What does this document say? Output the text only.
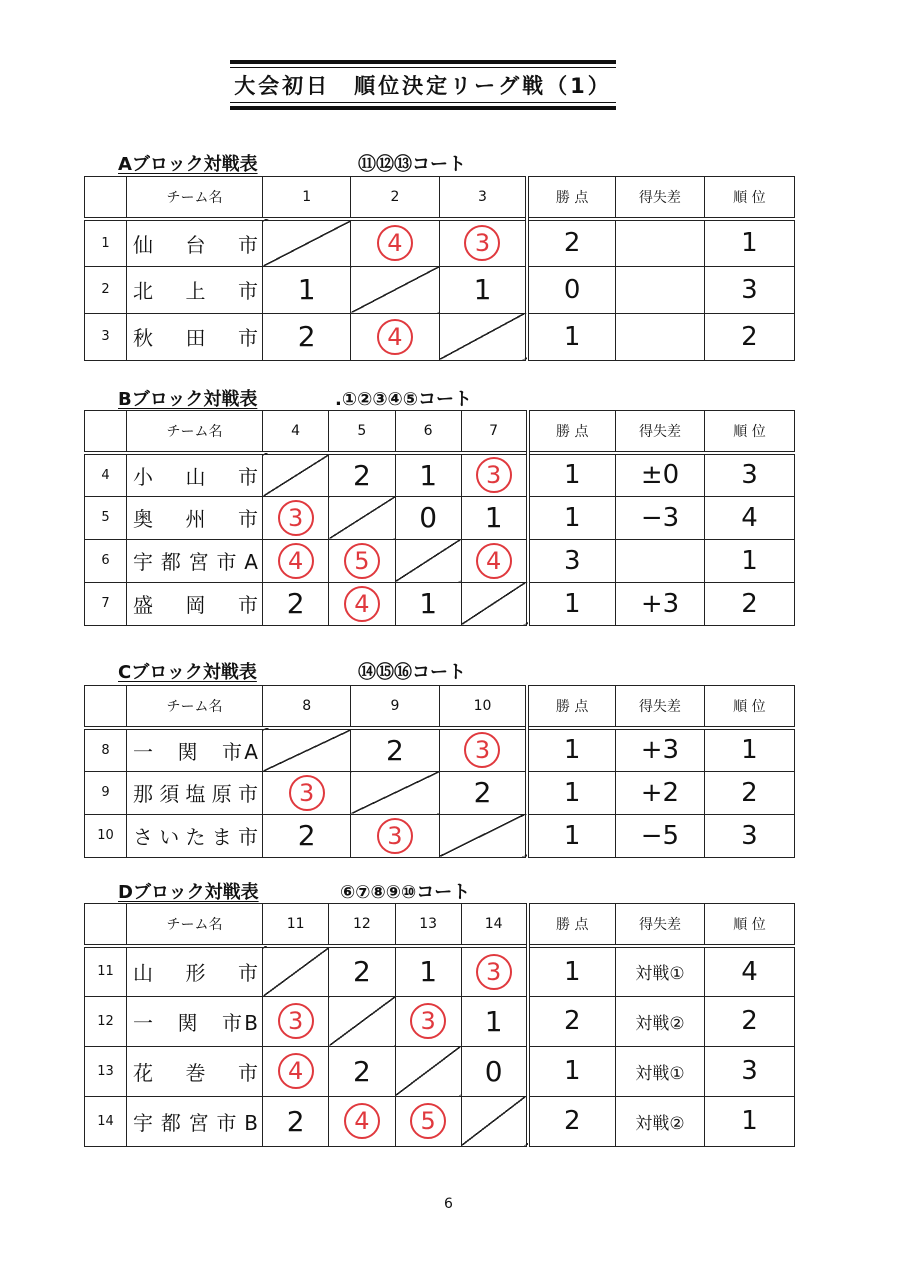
大会初日　順位決定リーグ戦（1）
Aブロック対戦表	⑪⑫⑬コート
	チーム名	1	2	3	勝 点	得失差	順 位
1	仙　台　市		4	3	2		1
2	北　上　市	1		1	0		3
3	秋　田　市	2	4		1		2
Bブロック対戦表	.①②③④⑤コート
	チーム名	4	5	6	7	勝 点	得失差	順 位
4	小　山　市		2	1	3	1	±0	3
5	奥　州　市	3		0	1	1	−3	4
6	宇都宮市A	4	5		4	3		1
7	盛　岡　市	2	4	1		1	+3	2
Cブロック対戦表	⑭⑮⑯コート
	チーム名	8	9	10	勝 点	得失差	順 位
8	一　関　市A		2	3	1	+3	1
9	那須塩原市	3		2	1	+2	2
10	さいたま市	2	3		1	−5	3
Dブロック対戦表	⑥⑦⑧⑨⑩コート
	チーム名	11	12	13	14	勝 点	得失差	順 位
11	山　形　市		2	1	3	1	対戦①	4
12	一　関　市B	3		3	1	2	対戦②	2
13	花　巻　市	4	2		0	1	対戦①	3
14	宇都宮市B	2	4	5		2	対戦②	1
6
